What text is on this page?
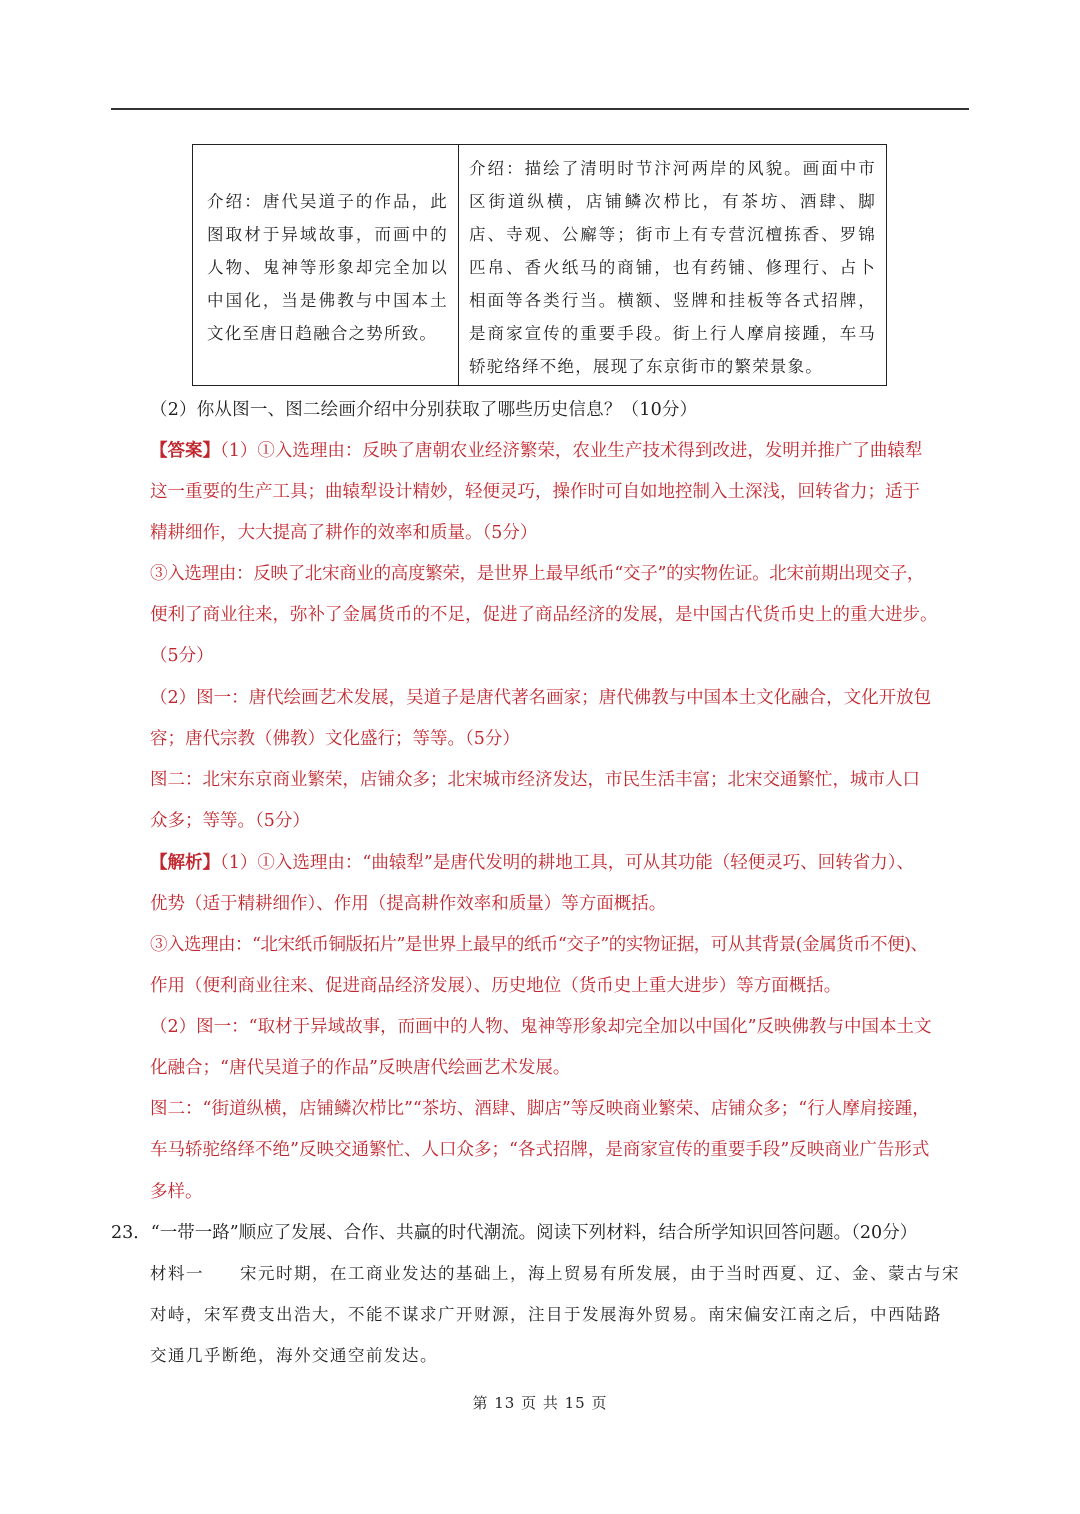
介绍：唐代吴道子的作品，此图取材于异域故事，而画中的人物、鬼神等形象却完全加以中国化，当是佛教与中国本土文化至唐日趋融合之势所致。
介绍：描绘了清明时节汴河两岸的风貌。画面中市区街道纵横，店铺鳞次栉比，有茶坊、酒肆、脚店、寺观、公廨等；街市上有专营沉檀拣香、罗锦匹帛、香火纸马的商铺，也有药铺、修理行、占卜相面等各类行当。横额、竖牌和挂板等各式招牌，是商家宣传的重要手段。街上行人摩肩接踵，车马轿驼络绎不绝，展现了东京街市的繁荣景象。
（2）你从图一、图二绘画介绍中分别获取了哪些历史信息？（10分）
【答案】（1）①入选理由：反映了唐朝农业经济繁荣，农业生产技术得到改进，发明并推广了曲辕犁
这一重要的生产工具；曲辕犁设计精妙，轻便灵巧，操作时可自如地控制入土深浅，回转省力；适于
精耕细作，大大提高了耕作的效率和质量。（5分）
③入选理由：反映了北宋商业的高度繁荣，是世界上最早纸币“交子”的实物佐证。北宋前期出现交子，
便利了商业往来，弥补了金属货币的不足，促进了商品经济的发展，是中国古代货币史上的重大进步。
（5分）
（2）图一：唐代绘画艺术发展，吴道子是唐代著名画家；唐代佛教与中国本土文化融合，文化开放包
容；唐代宗教（佛教）文化盛行；等等。（5分）
图二：北宋东京商业繁荣，店铺众多；北宋城市经济发达，市民生活丰富；北宋交通繁忙，城市人口
众多；等等。（5分）
【解析】（1）①入选理由：“曲辕犁”是唐代发明的耕地工具，可从其功能（轻便灵巧、回转省力）、
优势（适于精耕细作）、作用（提高耕作效率和质量）等方面概括。
③入选理由：“北宋纸币铜版拓片”是世界上最早的纸币“交子”的实物证据，可从其背景(金属货币不便)、
作用（便利商业往来、促进商品经济发展）、历史地位（货币史上重大进步）等方面概括。
（2）图一：“取材于异域故事，而画中的人物、鬼神等形象却完全加以中国化”反映佛教与中国本土文
化融合；“唐代吴道子的作品”反映唐代绘画艺术发展。
图二：“街道纵横，店铺鳞次栉比”“茶坊、酒肆、脚店”等反映商业繁荣、店铺众多；“行人摩肩接踵，
车马轿驼络绎不绝”反映交通繁忙、人口众多；“各式招牌，是商家宣传的重要手段”反映商业广告形式
多样。
23．“一带一路”顺应了发展、合作、共赢的时代潮流。阅读下列材料，结合所学知识回答问题。（20分）
材料一　　宋元时期，在工商业发达的基础上，海上贸易有所发展，由于当时西夏、辽、金、蒙古与宋
对峙，宋军费支出浩大，不能不谋求广开财源，注目于发展海外贸易。南宋偏安江南之后，中西陆路
交通几乎断绝，海外交通空前发达。
第 13 页 共 15 页
